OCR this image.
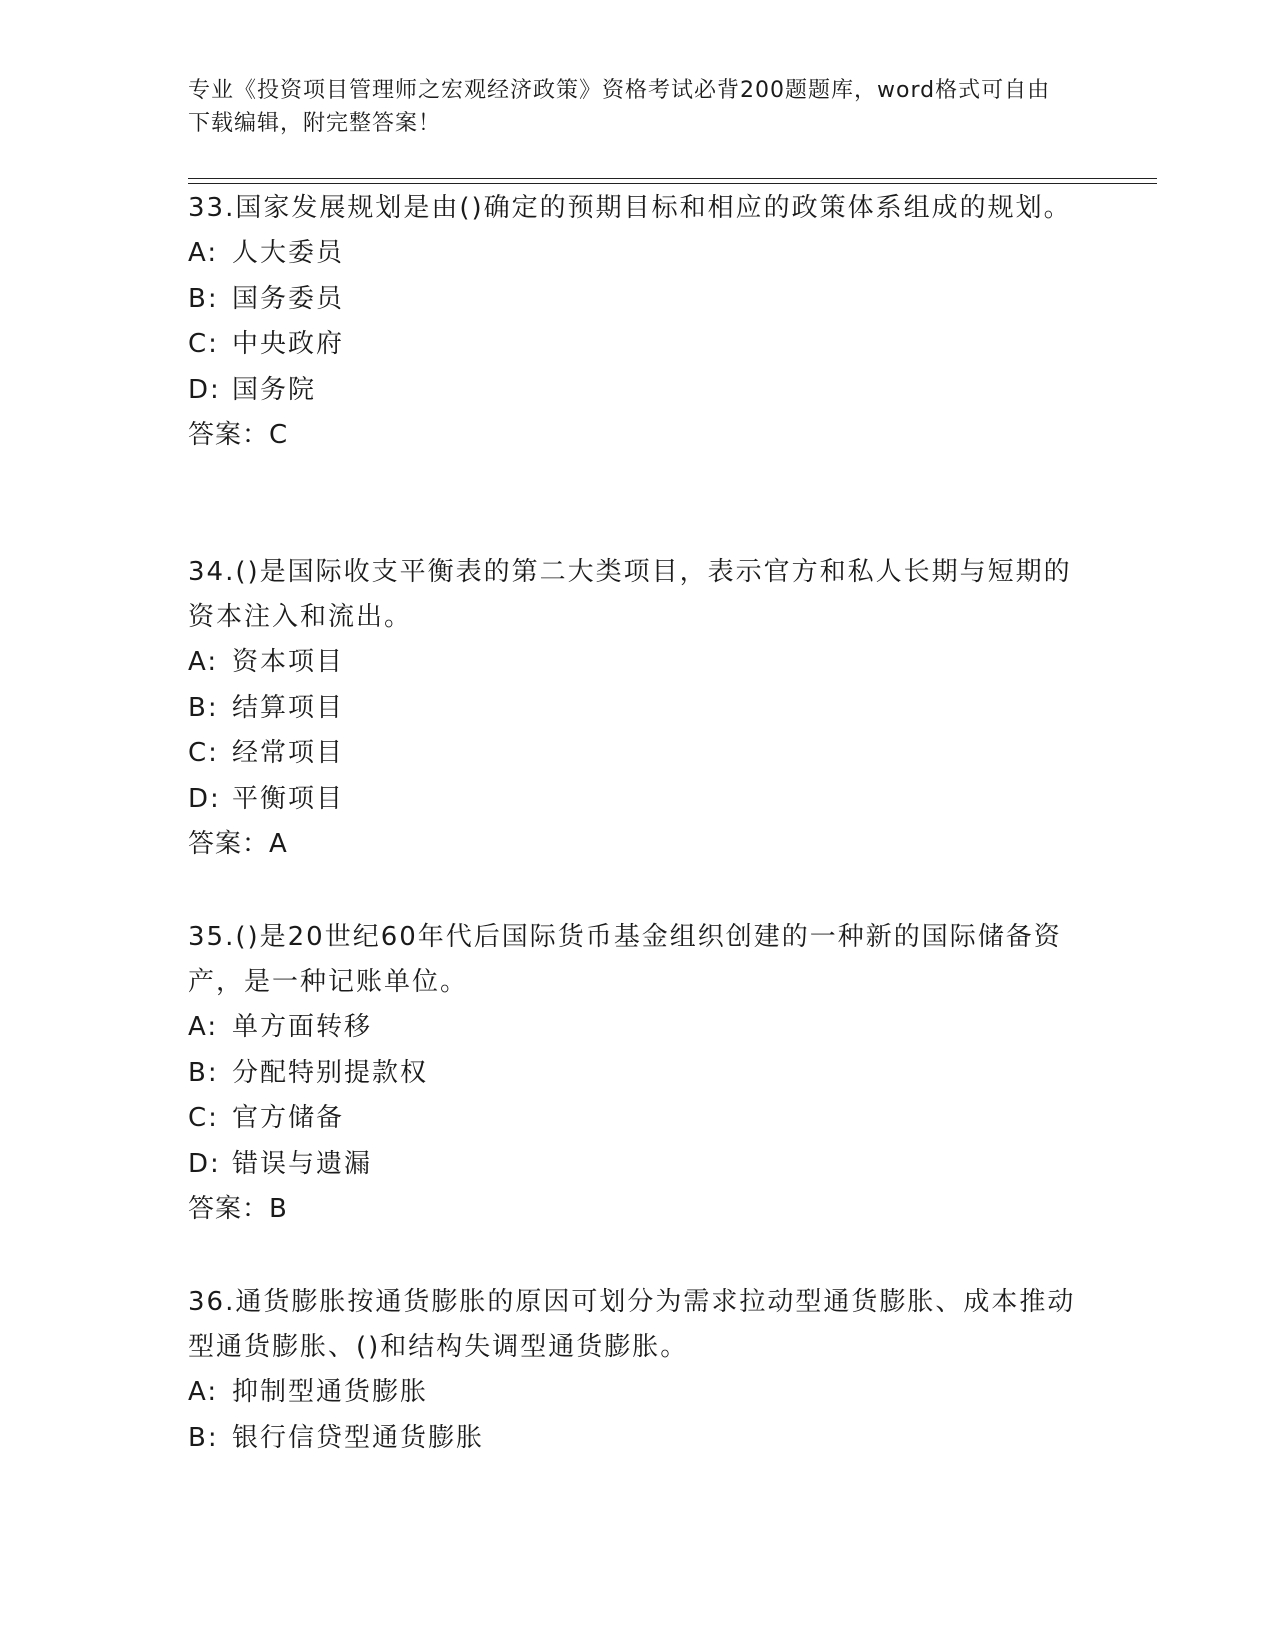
专业《投资项目管理师之宏观经济政策》资格考试必背200题题库，word格式可自由下载编辑，附完整答案！
33.国家发展规划是由()确定的预期目标和相应的政策体系组成的规划。
A: 人大委员
B: 国务委员
C: 中央政府
D: 国务院
答案：C
34.()是国际收支平衡表的第二大类项目，表示官方和私人长期与短期的资本注入和流出。
A: 资本项目
B: 结算项目
C: 经常项目
D: 平衡项目
答案：A
35.()是20世纪60年代后国际货币基金组织创建的一种新的国际储备资产，是一种记账单位。
A: 单方面转移
B: 分配特别提款权
C: 官方储备
D: 错误与遗漏
答案：B
36.通货膨胀按通货膨胀的原因可划分为需求拉动型通货膨胀、成本推动型通货膨胀、()和结构失调型通货膨胀。
A: 抑制型通货膨胀
B: 银行信贷型通货膨胀
